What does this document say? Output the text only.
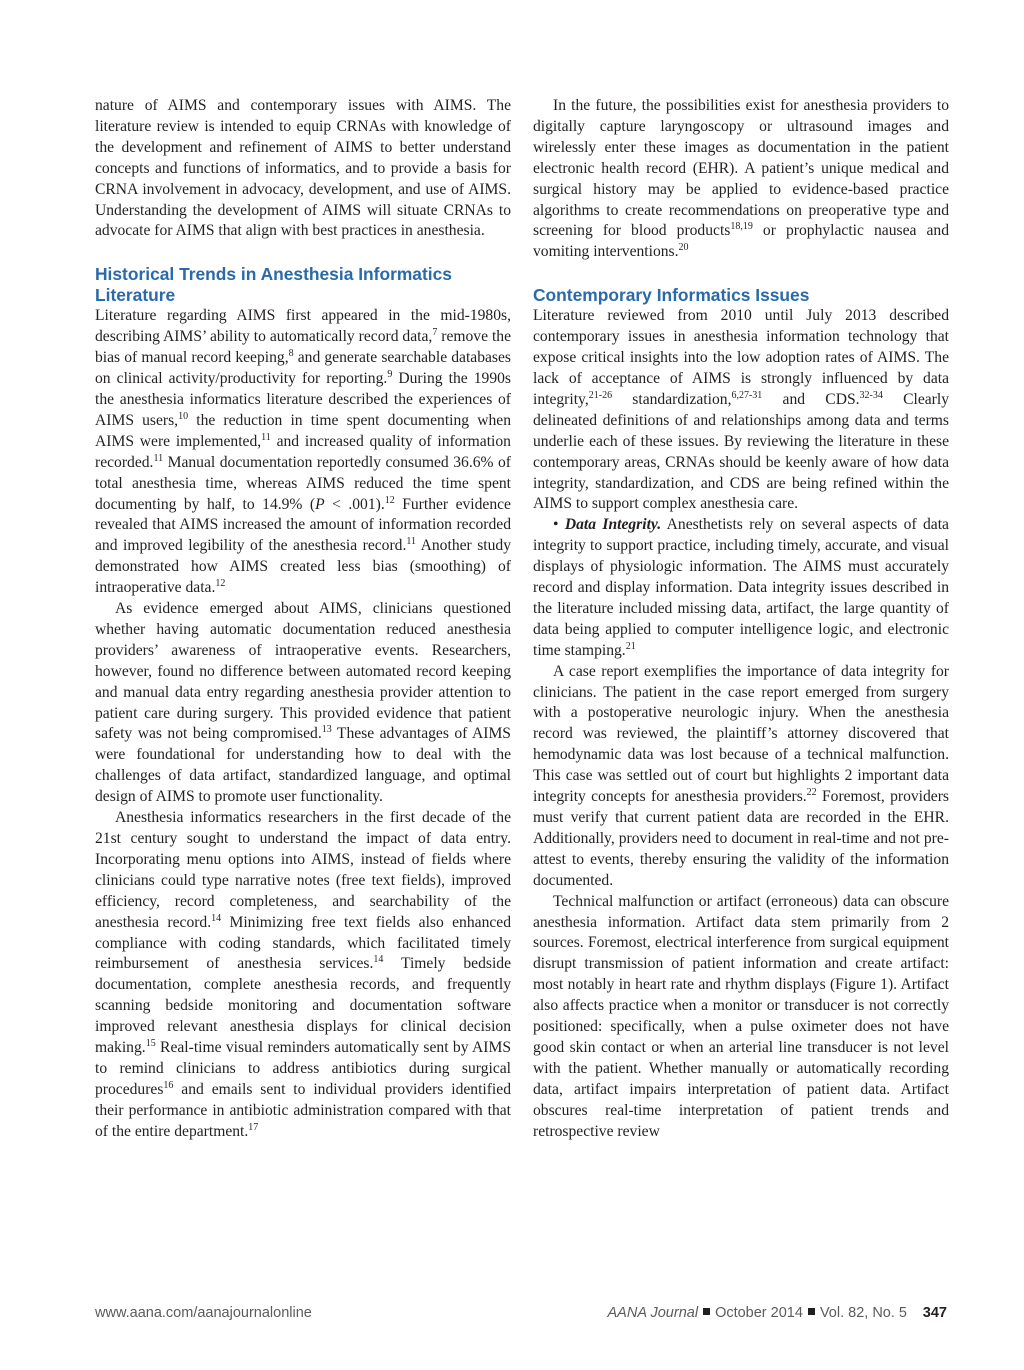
nature of AIMS and contemporary issues with AIMS. The literature review is intended to equip CRNAs with knowledge of the development and refinement of AIMS to better understand concepts and functions of informatics, and to provide a basis for CRNA involvement in advocacy, development, and use of AIMS. Understanding the development of AIMS will situate CRNAs to advocate for AIMS that align with best practices in anesthesia.

Historical Trends in Anesthesia Informatics Literature

Literature regarding AIMS first appeared in the mid-1980s, describing AIMS’ ability to automatically record data,$^7$ remove the bias of manual record keeping,$^8$ and generate searchable databases on clinical activity/productivity for reporting.$^9$ During the 1990s the anesthesia informatics literature described the experiences of AIMS users,$^{10}$ the reduction in time spent documenting when AIMS were implemented,$^{11}$ and increased quality of information recorded.$^{11}$ Manual documentation reportedly consumed 36.6% of total anesthesia time, whereas AIMS reduced the time spent documenting by half, to 14.9% (P < .001).$^{12}$ Further evidence revealed that AIMS increased the amount of information recorded and improved legibility of the anesthesia record.$^{11}$ Another study demonstrated how AIMS created less bias (smoothing) of intraoperative data.$^{12}$

As evidence emerged about AIMS, clinicians questioned whether having automatic documentation reduced anesthesia providers’ awareness of intraoperative events. Researchers, however, found no difference between automated record keeping and manual data entry regarding anesthesia provider attention to patient care during surgery. This provided evidence that patient safety was not being compromised.$^{13}$ These advantages of AIMS were foundational for understanding how to deal with the challenges of data artifact, standardized language, and optimal design of AIMS to promote user functionality.

Anesthesia informatics researchers in the first decade of the 21st century sought to understand the impact of data entry. Incorporating menu options into AIMS, instead of fields where clinicians could type narrative notes (free text fields), improved efficiency, record completeness, and searchability of the anesthesia record.$^{14}$ Minimizing free text fields also enhanced compliance with coding standards, which facilitated timely reimbursement of anesthesia services.$^{14}$ Timely bedside documentation, complete anesthesia records, and frequently scanning bedside monitoring and documentation software improved relevant anesthesia displays for clinical decision making.$^{15}$ Real-time visual reminders automatically sent by AIMS to remind clinicians to address antibiotics during surgical procedures$^{16}$ and emails sent to individual providers identified their performance in antibiotic administration compared with that of the entire department.$^{17}$

In the future, the possibilities exist for anesthesia providers to digitally capture laryngoscopy or ultrasound images and wirelessly enter these images as documentation in the patient electronic health record (EHR). A patient’s unique medical and surgical history may be applied to evidence-based practice algorithms to create recommendations on preoperative type and screening for blood products$^{18,19}$ or prophylactic nausea and vomiting interventions.$^{20}$

Contemporary Informatics Issues

Literature reviewed from 2010 until July 2013 described contemporary issues in anesthesia information technology that expose critical insights into the low adoption rates of AIMS. The lack of acceptance of AIMS is strongly influenced by data integrity,$^{21-26}$ standardization,$^{6,27-31}$ and CDS.$^{32-34}$ Clearly delineated definitions of and relationships among data and terms underlie each of these issues. By reviewing the literature in these contemporary areas, CRNAs should be keenly aware of how data integrity, standardization, and CDS are being refined within the AIMS to support complex anesthesia care.

• Data Integrity. Anesthetists rely on several aspects of data integrity to support practice, including timely, accurate, and visual displays of physiologic information. The AIMS must accurately record and display information. Data integrity issues described in the literature included missing data, artifact, the large quantity of data being applied to computer intelligence logic, and electronic time stamping.$^{21}$

A case report exemplifies the importance of data integrity for clinicians. The patient in the case report emerged from surgery with a postoperative neurologic injury. When the anesthesia record was reviewed, the plaintiff’s attorney discovered that hemodynamic data was lost because of a technical malfunction. This case was settled out of court but highlights 2 important data integrity concepts for anesthesia providers.$^{22}$ Foremost, providers must verify that current patient data are recorded in the EHR. Additionally, providers need to document in real-time and not pre-attest to events, thereby ensuring the validity of the information documented.

Technical malfunction or artifact (erroneous) data can obscure anesthesia information. Artifact data stem primarily from 2 sources. Foremost, electrical interference from surgical equipment disrupt transmission of patient information and create artifact: most notably in heart rate and rhythm displays (Figure 1). Artifact also affects practice when a monitor or transducer is not correctly positioned: specifically, when a pulse oximeter does not have good skin contact or when an arterial line transducer is not level with the patient. Whether manually or automatically recording data, artifact impairs interpretation of patient data. Artifact obscures real-time interpretation of patient trends and retrospective review

www.aana.com/aanajournalonline	AANA Journal October 2014 Vol. 82, No. 5 347
